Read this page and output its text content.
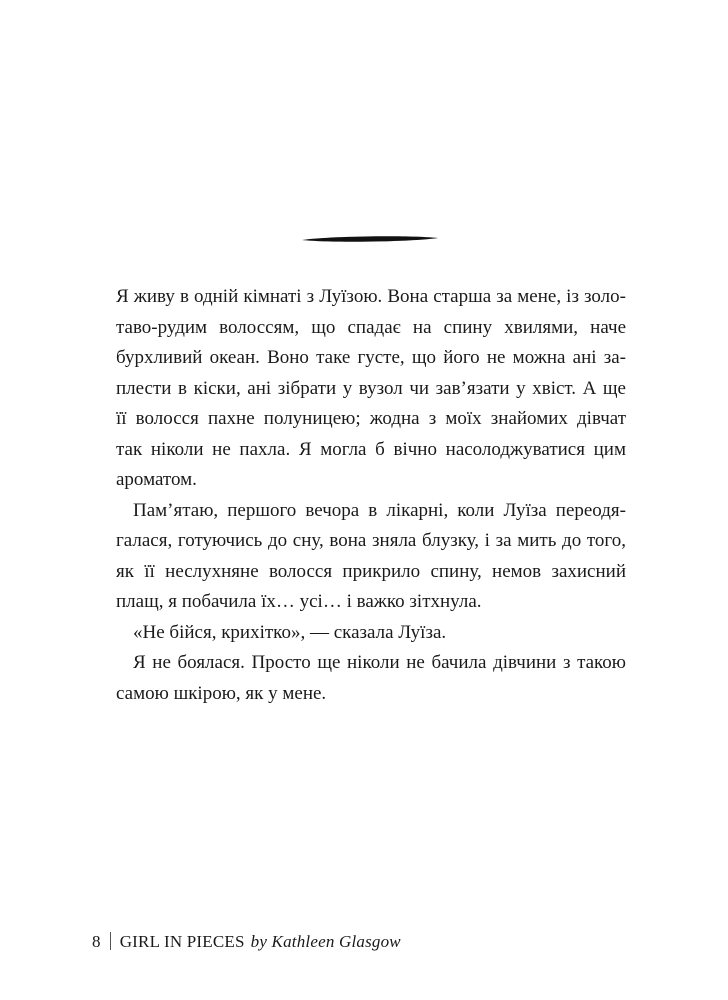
Я живу в одній кімнаті з Луїзою. Вона старша за мене, із золо-
таво-рудим волоссям, що спадає на спину хвилями, наче
бурхливий океан. Воно таке густе, що його не можна ані за-
плести в кіски, ані зібрати у вузол чи зав’язати у хвіст. А ще
її волосся пахне полуницею; жодна з моїх знайомих дівчат
так ніколи не пахла. Я могла б вічно насолоджуватися цим
ароматом.

Пам’ятаю, першого вечора в лікарні, коли Луїза переодя-
галася, готуючись до сну, вона зняла блузку, і за мить до того,
як її неслухняне волосся прикрило спину, немов захисний
плащ, я побачила їх… усі… і важко зітхнула.

«Не бійся, крихітко», — сказала Луїза.

Я не боялася. Просто ще ніколи не бачила дівчини з такою
самою шкірою, як у мене.

8 GIRL IN PIECES by Kathleen Glasgow
